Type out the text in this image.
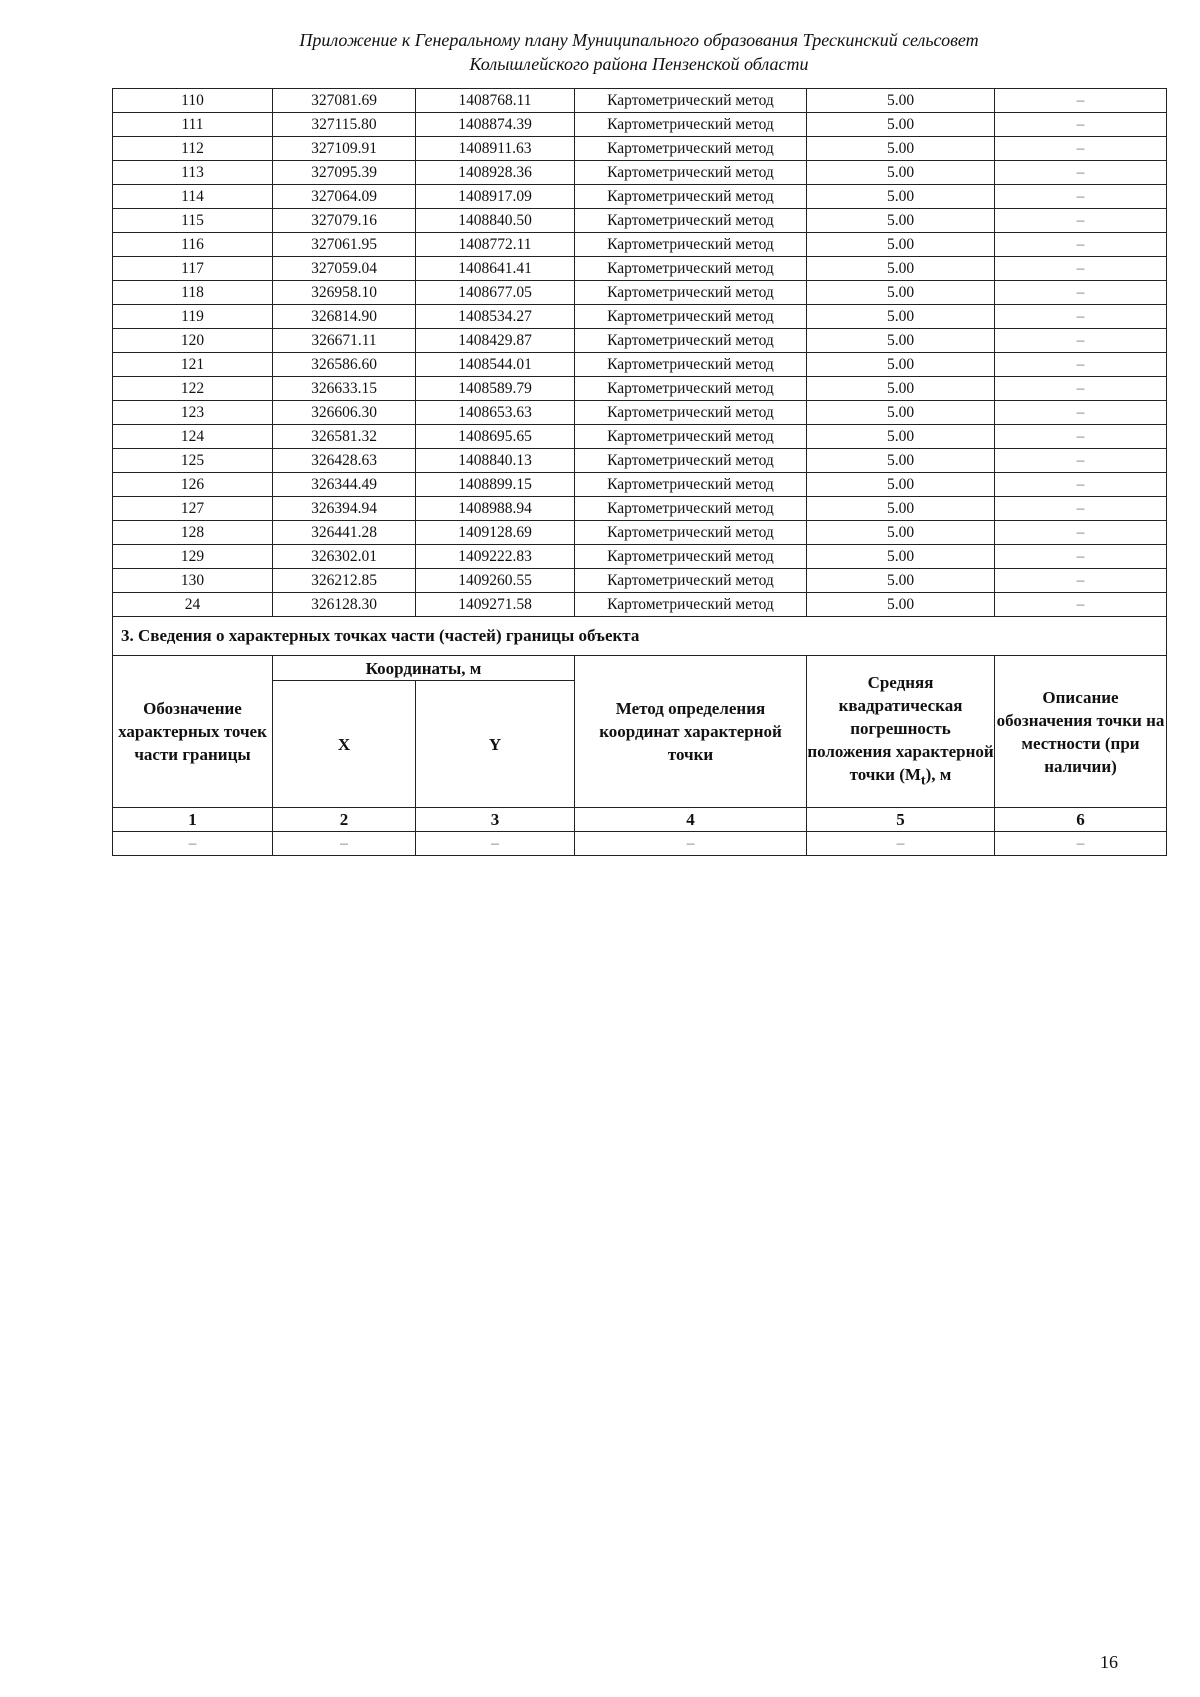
Приложение к Генеральному плану Муниципального образования Трескинский сельсовет
Колышлейского района Пензенской области
110	327081.69	1408768.11	Картометрический метод	5.00	–
111	327115.80	1408874.39	Картометрический метод	5.00	–
112	327109.91	1408911.63	Картометрический метод	5.00	–
113	327095.39	1408928.36	Картометрический метод	5.00	–
114	327064.09	1408917.09	Картометрический метод	5.00	–
115	327079.16	1408840.50	Картометрический метод	5.00	–
116	327061.95	1408772.11	Картометрический метод	5.00	–
117	327059.04	1408641.41	Картометрический метод	5.00	–
118	326958.10	1408677.05	Картометрический метод	5.00	–
119	326814.90	1408534.27	Картометрический метод	5.00	–
120	326671.11	1408429.87	Картометрический метод	5.00	–
121	326586.60	1408544.01	Картометрический метод	5.00	–
122	326633.15	1408589.79	Картометрический метод	5.00	–
123	326606.30	1408653.63	Картометрический метод	5.00	–
124	326581.32	1408695.65	Картометрический метод	5.00	–
125	326428.63	1408840.13	Картометрический метод	5.00	–
126	326344.49	1408899.15	Картометрический метод	5.00	–
127	326394.94	1408988.94	Картометрический метод	5.00	–
128	326441.28	1409128.69	Картометрический метод	5.00	–
129	326302.01	1409222.83	Картометрический метод	5.00	–
130	326212.85	1409260.55	Картометрический метод	5.00	–
24	326128.30	1409271.58	Картометрический метод	5.00	–
3. Сведения о характерных точках части (частей) границы объекта					
Обозначение характерных точек части границы	Координаты, м		Метод определения координат характерной точки	Средняя квадратическая погрешность положения характерной точки $(M_t)$, м	Описание обозначения точки на местности (при наличии)
	X	Y			
1	2	3	4	5	6
–	–	–	–	–	–
16
